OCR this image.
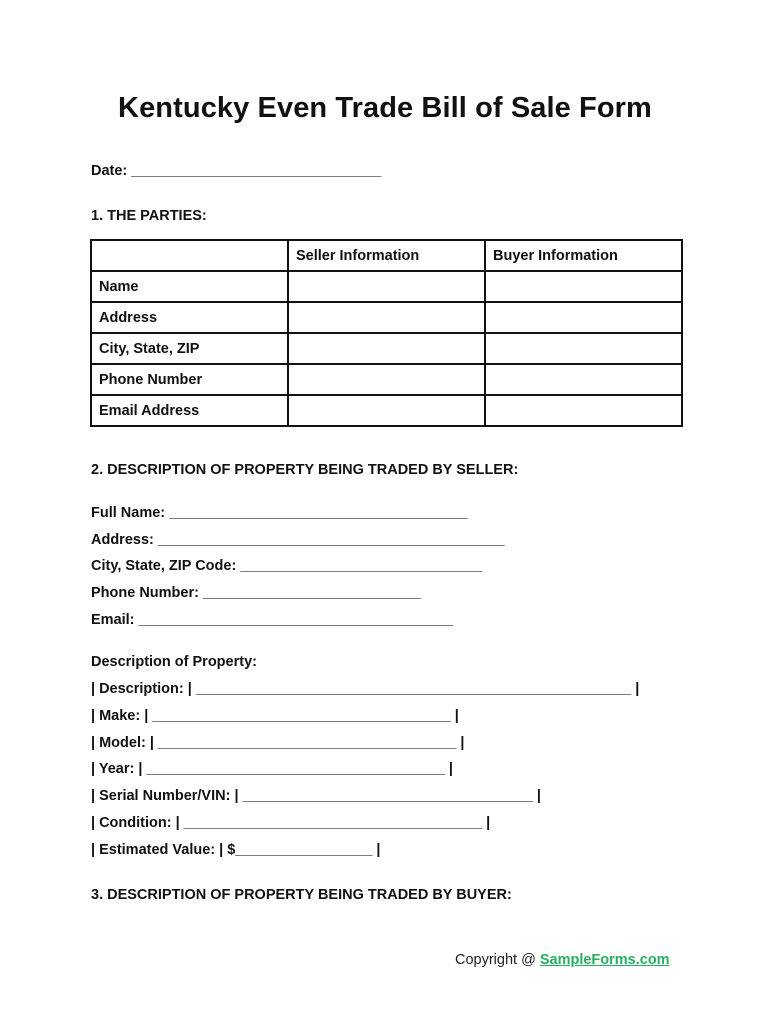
Kentucky Even Trade Bill of Sale Form
Date: _______________________________
1. THE PARTIES:
	Seller Information	Buyer Information
Name		
Address		
City, State, ZIP		
Phone Number		
Email Address		
2. DESCRIPTION OF PROPERTY BEING TRADED BY SELLER:
Full Name: _____________________________________
Address: ___________________________________________
City, State, ZIP Code: ______________________________
Phone Number: ___________________________
Email: _______________________________________
Description of Property:
| Description: | ______________________________________________________ |
| Make: | _____________________________________ |
| Model: | _____________________________________ |
| Year: | _____________________________________ |
| Serial Number/VIN: | ____________________________________ |
| Condition: | _____________________________________ |
| Estimated Value: | $_________________ |
3. DESCRIPTION OF PROPERTY BEING TRADED BY BUYER:
Copyright @ SampleForms.com
